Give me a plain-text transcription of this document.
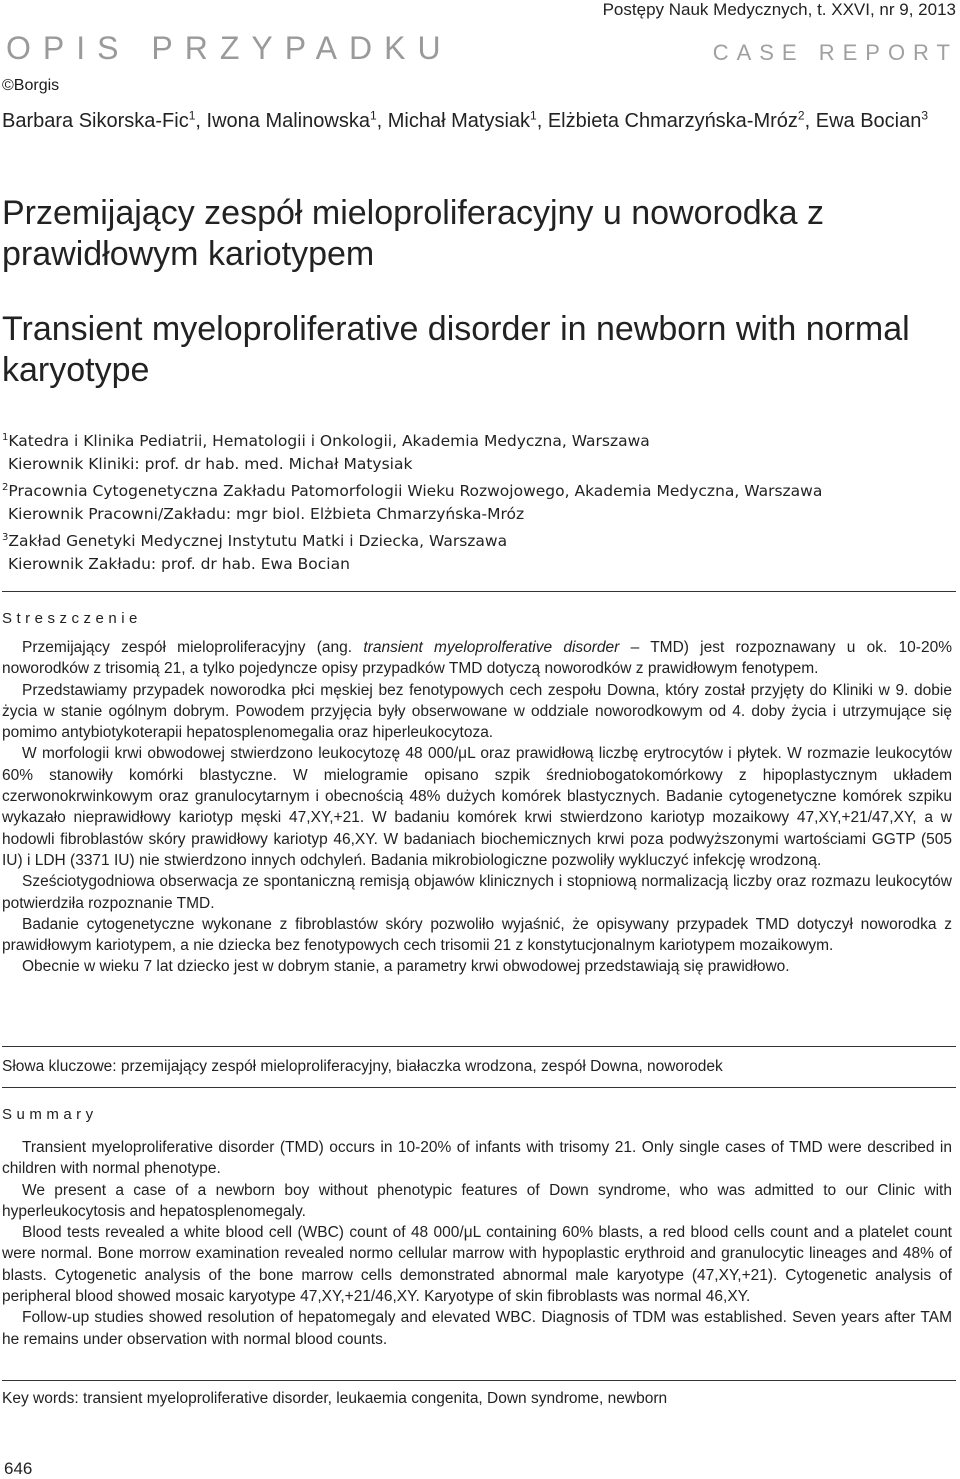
Postępy Nauk Medycznych, t. XXVI, nr 9, 2013
OPIS PRZYPADKU	CASE REPORT
©Borgis
Barbara Sikorska-Fic$^1$, Iwona Malinowska$^1$, Michał Matysiak$^1$, Elżbieta Chmarzyńska-Mróz$^2$, Ewa Bocian$^3$
Przemijający zespół mieloproliferacyjny u noworodka z prawidłowym kariotypem
Transient myeloproliferative disorder in newborn with normal karyotype
$^1$Katedra i Klinika Pediatrii, Hematologii i Onkologii, Akademia Medyczna, Warszawa
Kierownik Kliniki: prof. dr hab. med. Michał Matysiak
$^2$Pracownia Cytogenetyczna Zakładu Patomorfologii Wieku Rozwojowego, Akademia Medyczna, Warszawa
Kierownik Pracowni/Zakładu: mgr biol. Elżbieta Chmarzyńska-Mróz
$^3$Zakład Genetyki Medycznej Instytutu Matki i Dziecka, Warszawa
Kierownik Zakładu: prof. dr hab. Ewa Bocian
Streszczenie

Przemijający zespół mieloproliferacyjny (ang. transient myeloprolferative disorder – TMD) jest rozpoznawany u ok. 10-20% noworodków z trisomią 21, a tylko pojedyncze opisy przypadków TMD dotyczą noworodków z prawidłowym fenotypem.

Przedstawiamy przypadek noworodka płci męskiej bez fenotypowych cech zespołu Downa, który został przyjęty do Kliniki w 9. dobie życia w stanie ogólnym dobrym. Powodem przyjęcia były obserwowane w oddziale noworodkowym od 4. doby życia i utrzymujące się pomimo antybiotykoterapii hepatosplenomegalia oraz hiperleukocytoza.

W morfologii krwi obwodowej stwierdzono leukocytozę 48 000/μL oraz prawidłową liczbę erytrocytów i płytek. W rozmazie leukocytów 60% stanowiły komórki blastyczne. W mielogramie opisano szpik średniobogatokomórkowy z hipoplastycznym układem czerwonokrwinkowym oraz granulocytarnym i obecnością 48% dużych komórek blastycznych. Badanie cytogenetyczne komórek szpiku wykazało nieprawidłowy kariotyp męski 47,XY,+21. W badaniu komórek krwi stwierdzono kariotyp mozaikowy 47,XY,+21/47,XY, a w hodowli fibroblastów skóry prawidłowy kariotyp 46,XY. W badaniach biochemicznych krwi poza podwyższonymi wartościami GGTP (505 IU) i LDH (3371 IU) nie stwierdzono innych odchyleń. Badania mikrobiologiczne pozwoliły wykluczyć infekcję wrodzoną.

Sześciotygodniowa obserwacja ze spontaniczną remisją objawów klinicznych i stopniową normalizacją liczby oraz rozmazu leukocytów potwierdziła rozpoznanie TMD.

Badanie cytogenetyczne wykonane z fibroblastów skóry pozwoliło wyjaśnić, że opisywany przypadek TMD dotyczył noworodka z prawidłowym kariotypem, a nie dziecka bez fenotypowych cech trisomii 21 z konstytucjonalnym kariotypem mozaikowym.

Obecnie w wieku 7 lat dziecko jest w dobrym stanie, a parametry krwi obwodowej przedstawiają się prawidłowo.

Słowa kluczowe: przemijający zespół mieloproliferacyjny, białaczka wrodzona, zespół Downa, noworodek
Summary

Transient myeloproliferative disorder (TMD) occurs in 10-20% of infants with trisomy 21. Only single cases of TMD were described in children with normal phenotype.

We present a case of a newborn boy without phenotypic features of Down syndrome, who was admitted to our Clinic with hyperleukocytosis and hepatosplenomegaly.

Blood tests revealed a white blood cell (WBC) count of 48 000/μL containing 60% blasts, a red blood cells count and a platelet count were normal. Bone morrow examination revealed normo cellular marrow with hypoplastic erythroid and granulocytic lineages and 48% of blasts. Cytogenetic analysis of the bone marrow cells demonstrated abnormal male karyotype (47,XY,+21). Cytogenetic analysis of peripheral blood showed mosaic karyotype 47,XY,+21/46,XY. Karyotype of skin fibroblasts was normal 46,XY.

Follow-up studies showed resolution of hepatomegaly and elevated WBC. Diagnosis of TDM was established. Seven years after TAM he remains under observation with normal blood counts.

Key words: transient myeloproliferative disorder, leukaemia congenita, Down syndrome, newborn
646
